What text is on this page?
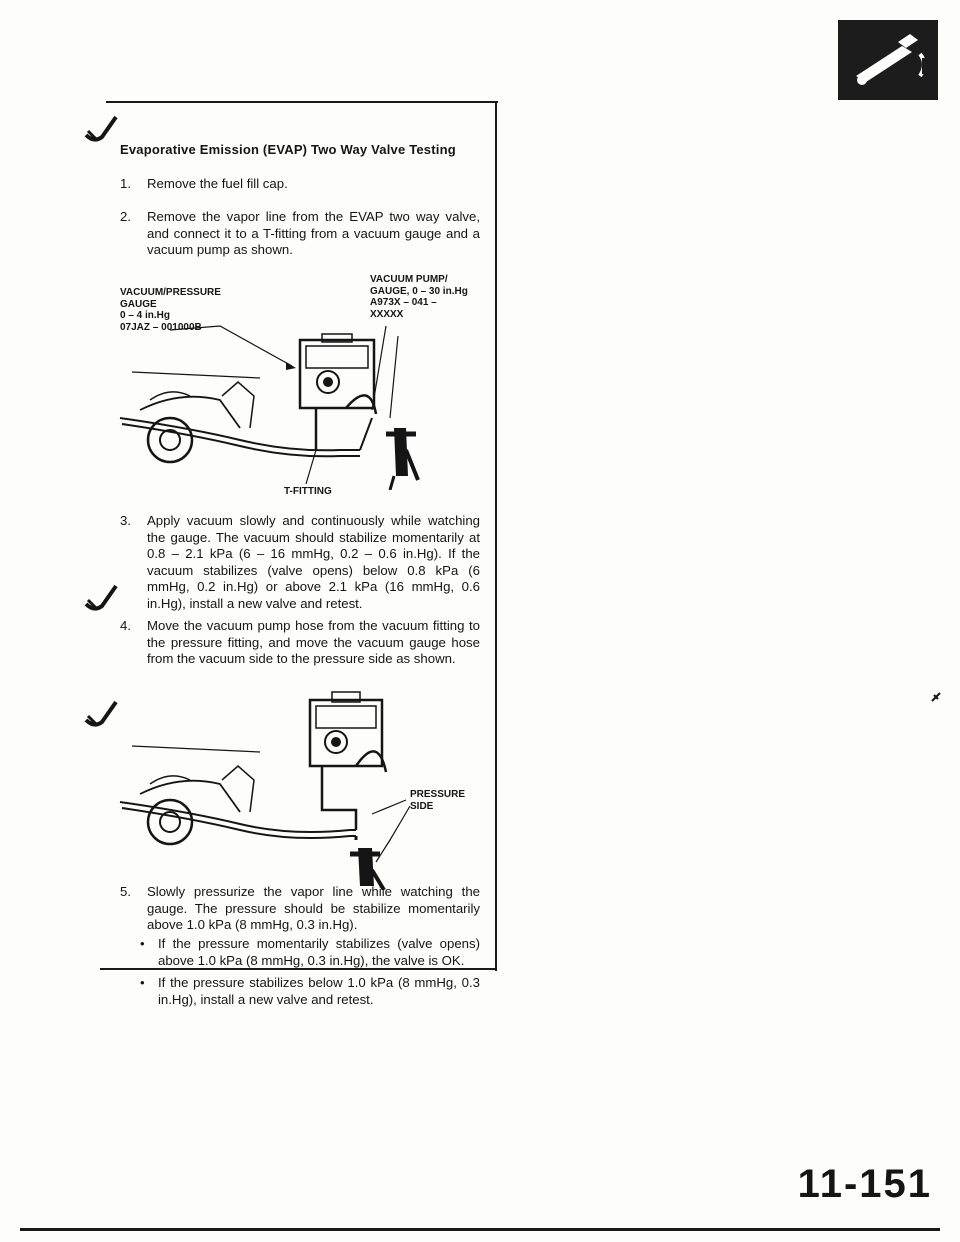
Evaporative Emission (EVAP) Two Way Valve Testing
1.	Remove the fuel fill cap.
2.	Remove the vapor line from the EVAP two way valve, and connect it to a T-fitting from a vacuum gauge and a vacuum pump as shown.
VACUUM/PRESSURE
GAUGE
0 – 4 in.Hg
07JAZ – 001000B
VACUUM PUMP/
GAUGE, 0 – 30 in.Hg
A973X – 041 –
XXXXX
T-FITTING
3.	Apply vacuum slowly and continuously while watching the gauge. The vacuum should stabilize momentarily at 0.8 – 2.1 kPa (6 – 16 mmHg, 0.2 – 0.6 in.Hg). If the vacuum stabilizes (valve opens) below 0.8 kPa (6 mmHg, 0.2 in.Hg) or above 2.1 kPa (16 mmHg, 0.6 in.Hg), install a new valve and retest.
4.	Move the vacuum pump hose from the vacuum fitting to the pressure fitting, and move the vacuum gauge hose from the vacuum side to the pressure side as shown.
PRESSURE
SIDE
5.	Slowly pressurize the vapor line while watching the gauge. The pressure should be stabilize momentarily above 1.0 kPa (8 mmHg, 0.3 in.Hg).
• If the pressure momentarily stabilizes (valve opens) above 1.0 kPa (8 mmHg, 0.3 in.Hg), the valve is OK.
• If the pressure stabilizes below 1.0 kPa (8 mmHg, 0.3 in.Hg), install a new valve and retest.
11-151
